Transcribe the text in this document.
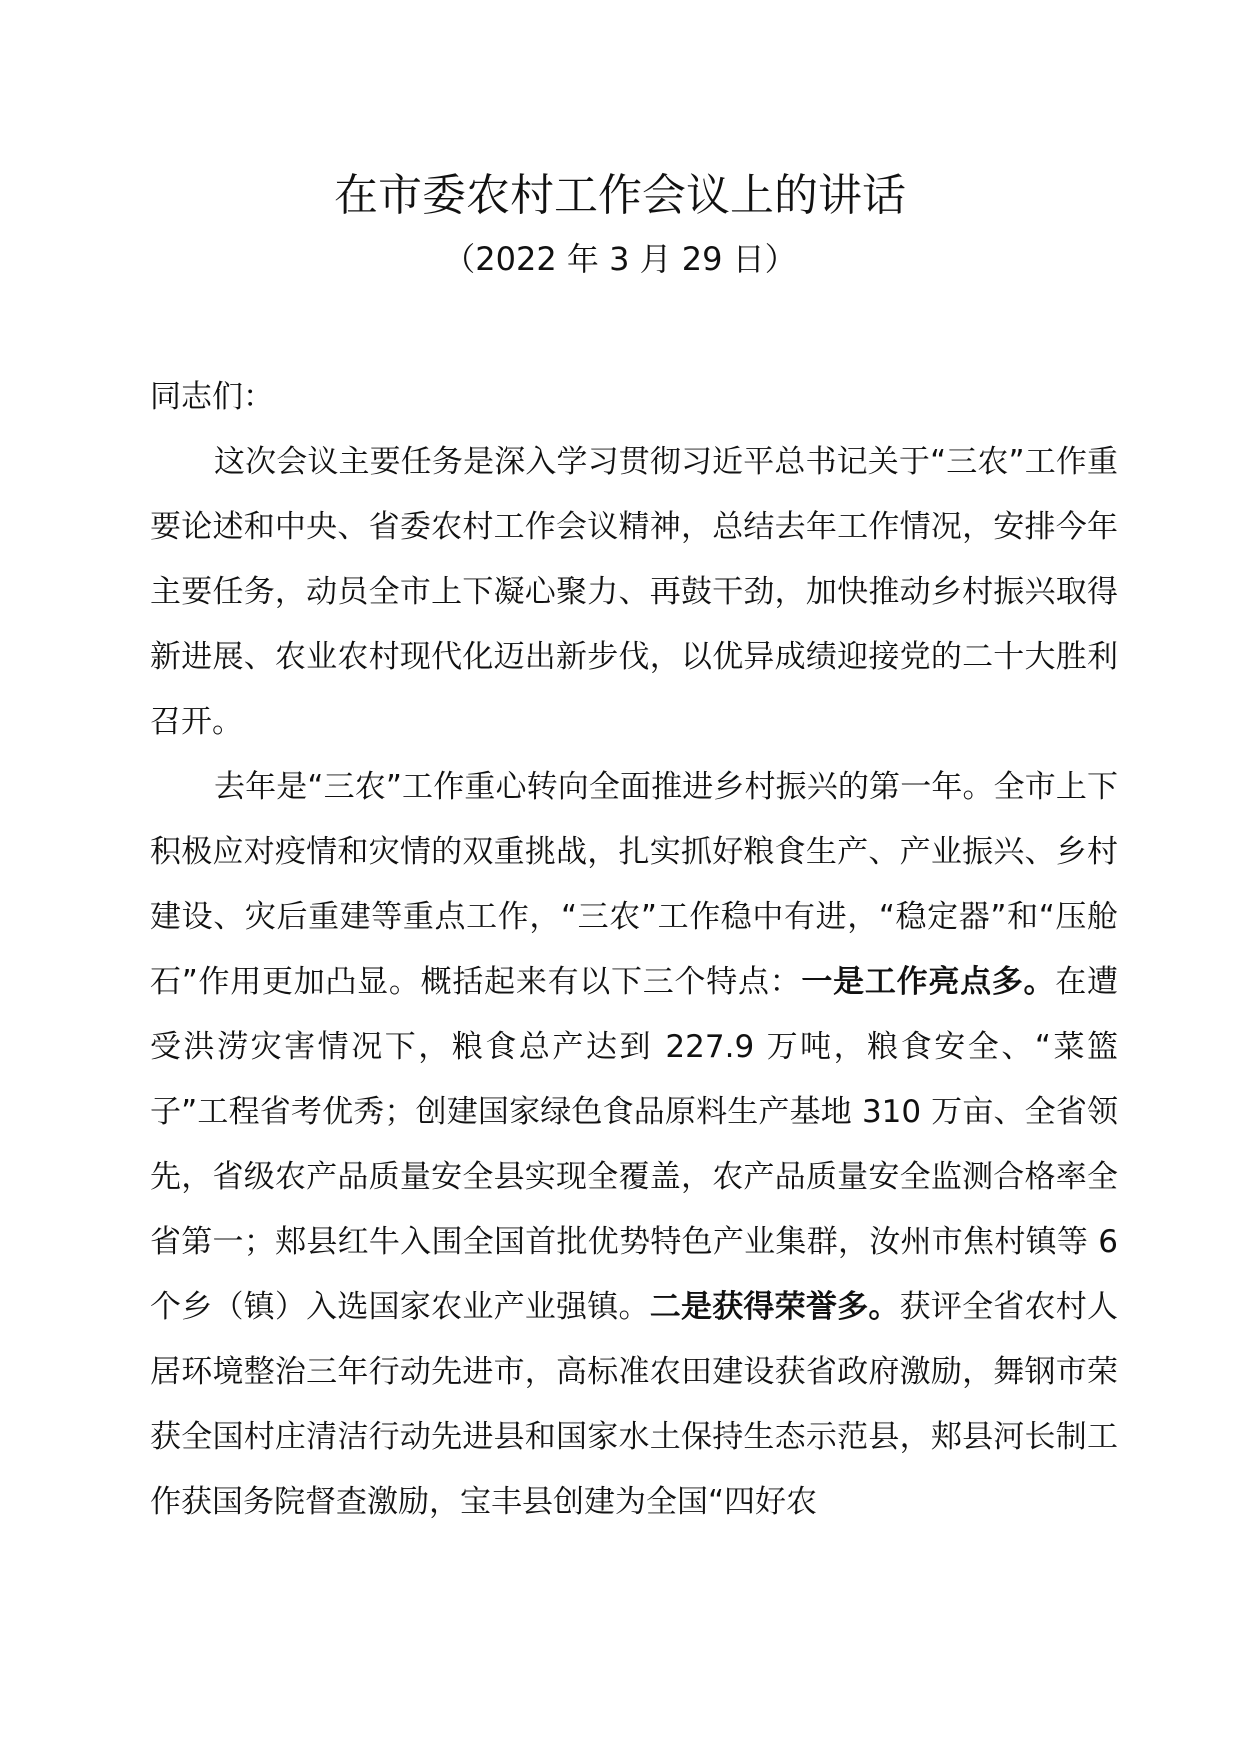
在市委农村工作会议上的讲话
（2022 年 3 月 29 日）

同志们：

这次会议主要任务是深入学习贯彻习近平总书记关于“三农”工作重要论述和中央、省委农村工作会议精神，总结去年工作情况，安排今年主要任务，动员全市上下凝心聚力、再鼓干劲，加快推动乡村振兴取得新进展、农业农村现代化迈出新步伐，以优异成绩迎接党的二十大胜利召开。

去年是“三农”工作重心转向全面推进乡村振兴的第一年。全市上下积极应对疫情和灾情的双重挑战，扎实抓好粮食生产、产业振兴、乡村建设、灾后重建等重点工作，“三农”工作稳中有进，“稳定器”和“压舱石”作用更加凸显。概括起来有以下三个特点：一是工作亮点多。在遭受洪涝灾害情况下，粮食总产达到 227.9 万吨，粮食安全、“菜篮子”工程省考优秀；创建国家绿色食品原料生产基地 310 万亩、全省领先，省级农产品质量安全县实现全覆盖，农产品质量安全监测合格率全省第一；郏县红牛入围全国首批优势特色产业集群，汝州市焦村镇等 6 个乡（镇）入选国家农业产业强镇。二是获得荣誉多。获评全省农村人居环境整治三年行动先进市，高标准农田建设获省政府激励，舞钢市荣获全国村庄清洁行动先进县和国家水土保持生态示范县，郏县河长制工作获国务院督查激励，宝丰县创建为全国“四好农
